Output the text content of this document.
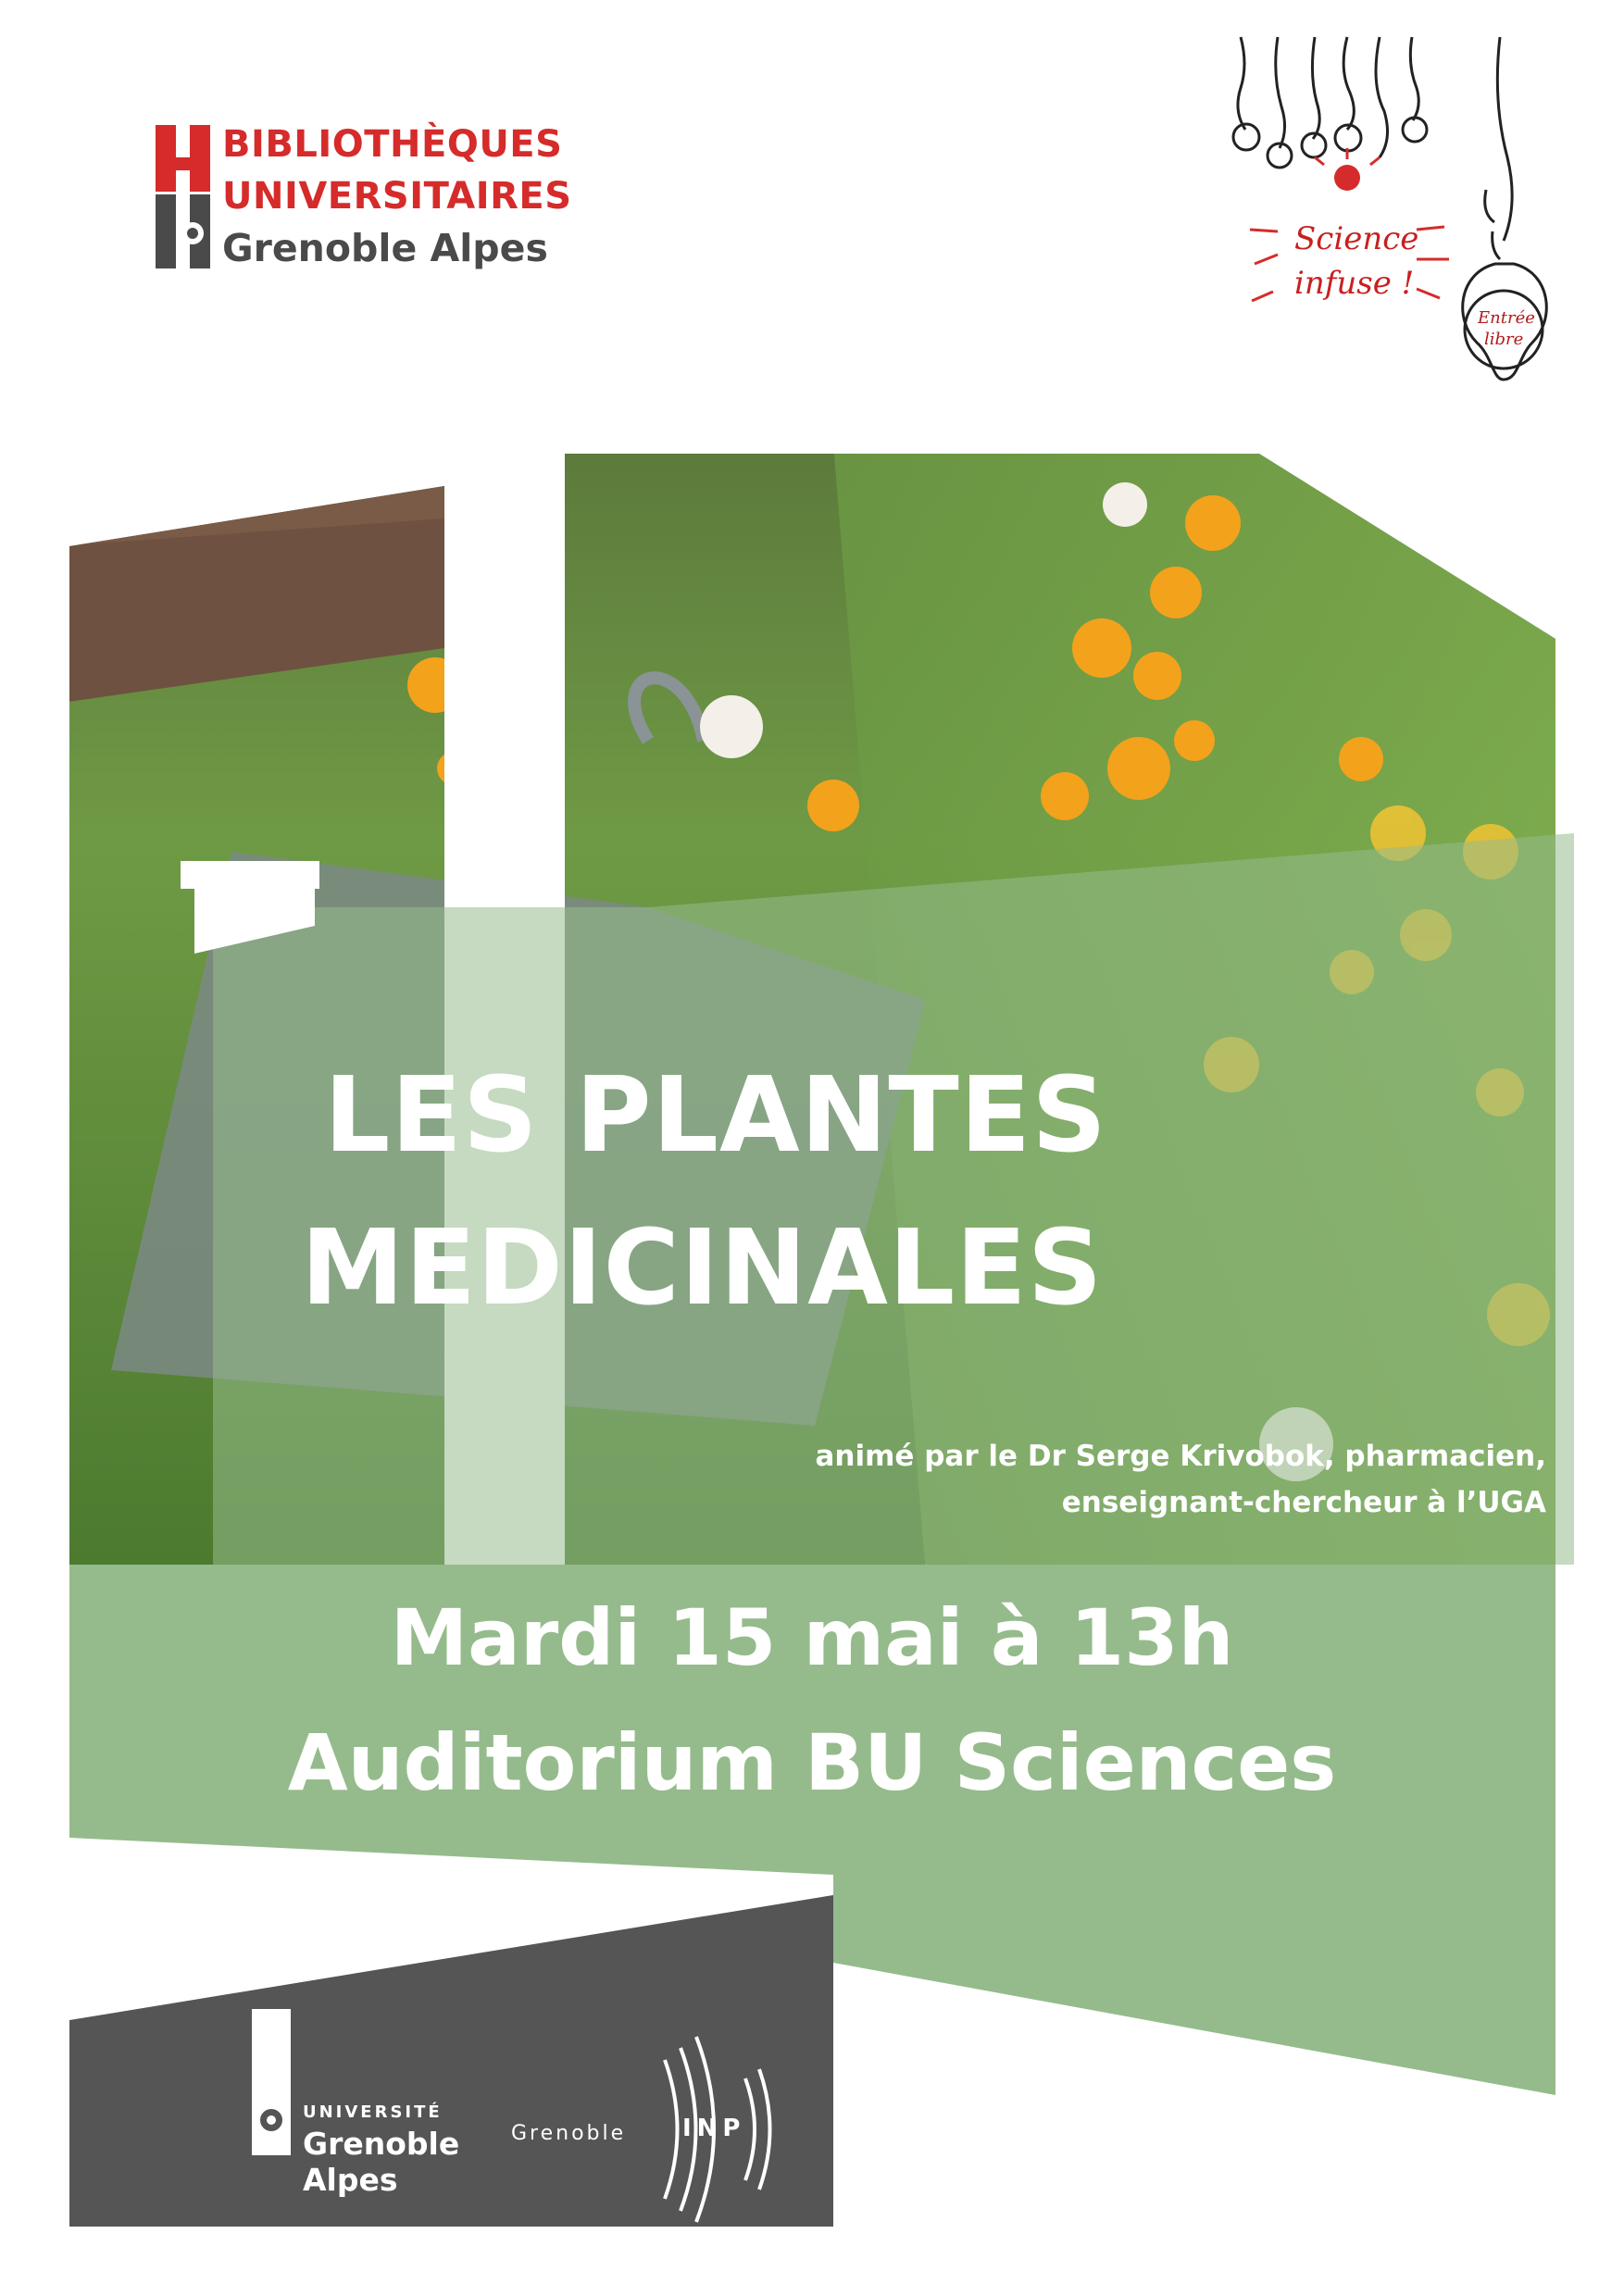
BIBLIOTHÈQUES
UNIVERSITAIRES
Grenoble Alpes	Science
infuse !
Entrée
libre
LES PLANTES
MEDICINALES
animé par le Dr Serge Krivobok, pharmacien,
enseignant-chercheur à l’UGA
Mardi 15 mai à 13h
Auditorium BU Sciences
UNIVERSITÉ
Grenoble
Alpes
Grenoble INP
